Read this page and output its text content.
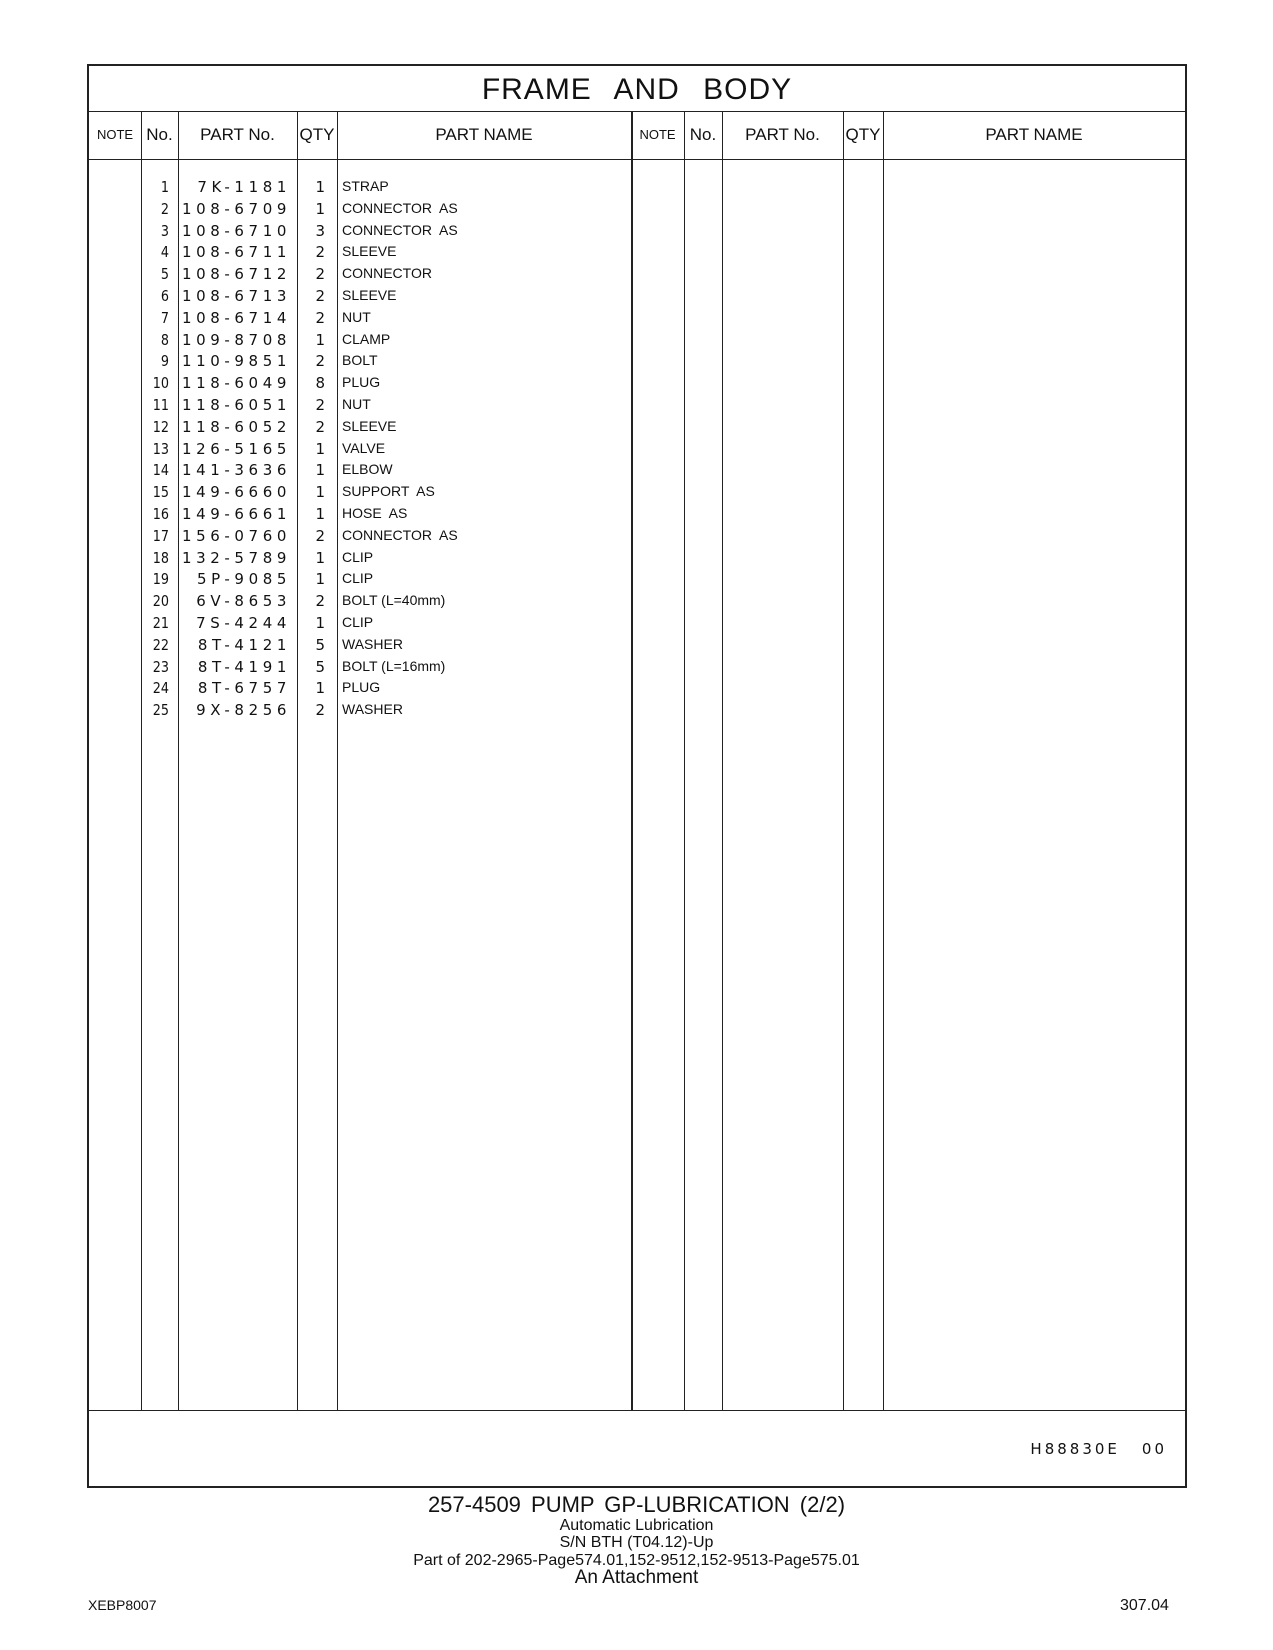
FRAME AND BODY
NOTE No.	PART No.	QTY	PART NAME	NOTE No.	PART No.	QTY	PART NAME
1	7K-1181	1 STRAP
2 108-6709	1 CONNECTOR  AS
3 108-6710	3 CONNECTOR  AS
4 108-6711	2 SLEEVE
5 108-6712	2 CONNECTOR
6 108-6713	2 SLEEVE
7 108-6714	2 NUT
8 109-8708	1 CLAMP
9 110-9851	2 BOLT
10 118-6049	8 PLUG
11 118-6051	2 NUT
12 118-6052	2 SLEEVE
13 126-5165	1 VALVE
14 141-3636	1 ELBOW
15 149-6660	1 SUPPORT  AS
16 149-6661	1 HOSE  AS
17 156-0760	2 CONNECTOR  AS
18 132-5789	1 CLIP
19	5P-9085	1 CLIP
20	6V-8653	2 BOLT (L=40mm)
21	7S-4244	1 CLIP
22	8T-4121	5 WASHER
23	8T-4191	5 BOLT (L=16mm)
24	8T-6757	1 PLUG
25	9X-8256	2 WASHER
H88830E 00
257-4509 PUMP GP-LUBRICATION (2/2)
Automatic Lubrication
S/N BTH (T04.12)-Up
Part of 202-2965-Page574.01,152-9512,152-9513-Page575.01
An Attachment
XEBP8007	307.04
